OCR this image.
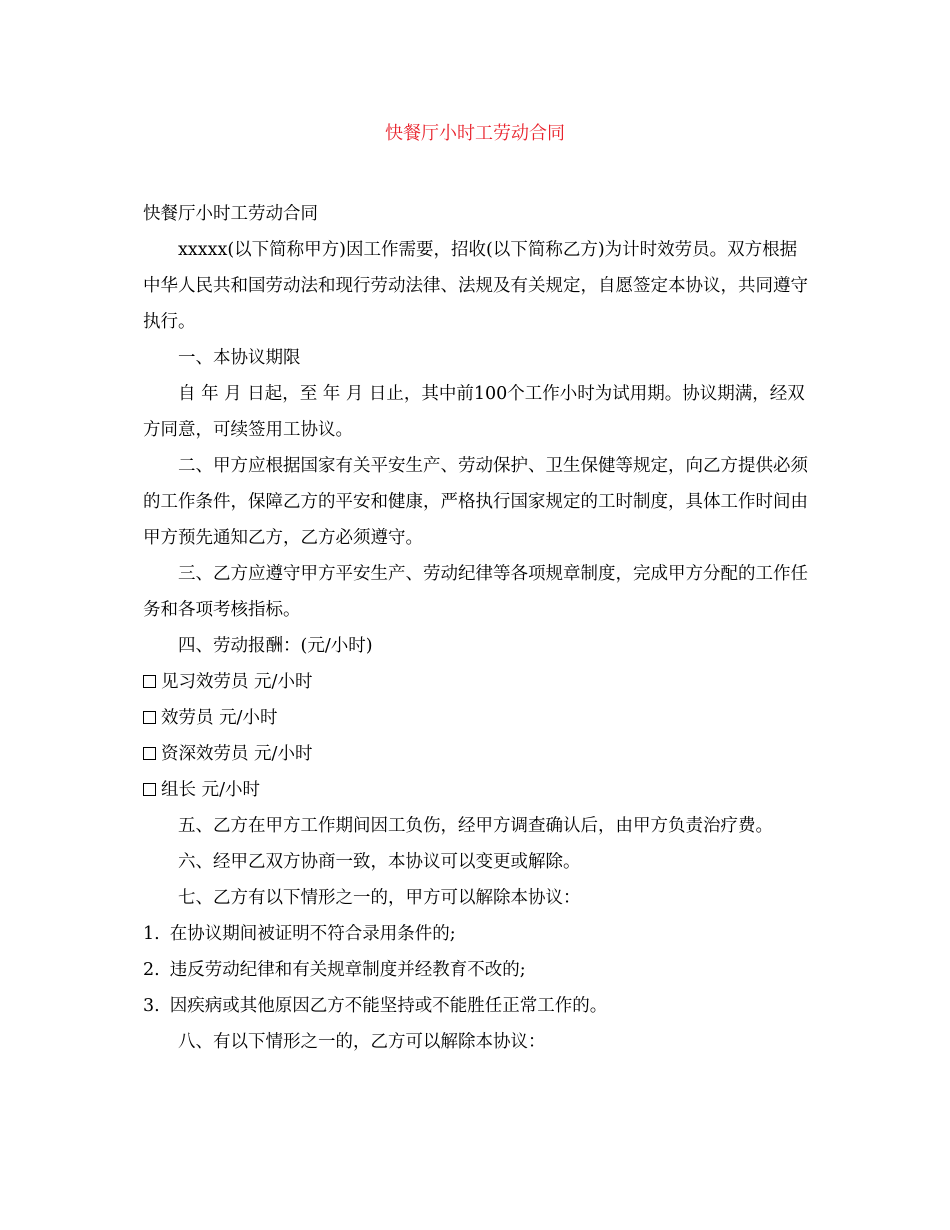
快餐厅小时工劳动合同

快餐厅小时工劳动合同

xxxxx(以下简称甲方)因工作需要，招收(以下简称乙方)为计时效劳员。双方根据中华人民共和国劳动法和现行劳动法律、法规及有关规定，自愿签定本协议，共同遵守执行。

一、本协议期限

自 年 月 日起，至 年 月 日止，其中前100个工作小时为试用期。协议期满，经双方同意，可续签用工协议。

二、甲方应根据国家有关平安生产、劳动保护、卫生保健等规定，向乙方提供必须的工作条件，保障乙方的平安和健康，严格执行国家规定的工时制度，具体工作时间由甲方预先通知乙方，乙方必须遵守。

三、乙方应遵守甲方平安生产、劳动纪律等各项规章制度，完成甲方分配的工作任务和各项考核指标。

四、劳动报酬：(元/小时)

见习效劳员 元/小时

效劳员 元/小时

资深效劳员 元/小时

组长 元/小时

五、乙方在甲方工作期间因工负伤，经甲方调查确认后，由甲方负责治疗费。

六、经甲乙双方协商一致，本协议可以变更或解除。

七、乙方有以下情形之一的，甲方可以解除本协议：

1. 在协议期间被证明不符合录用条件的;

2. 违反劳动纪律和有关规章制度并经教育不改的;

3. 因疾病或其他原因乙方不能坚持或不能胜任正常工作的。

八、有以下情形之一的，乙方可以解除本协议：
